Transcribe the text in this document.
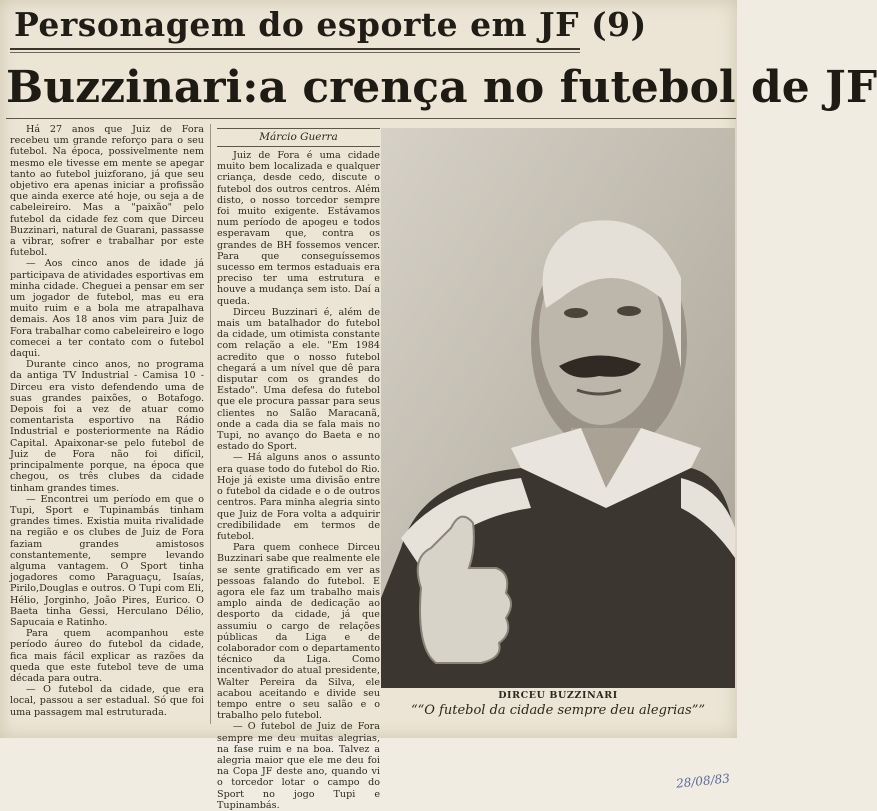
Personagem do esporte em JF (9)
Buzzinari:a crença no futebol de JF

Há 27 anos que Juiz de Fora recebeu um grande reforço para o seu futebol. Na época, possivelmente nem mesmo ele tivesse em mente se apegar tanto ao futebol juizforano, já que seu objetivo era apenas iniciar a profissão que ainda exerce até hoje, ou seja a de cabeleireiro. Mas a "paixão" pelo futebol da cidade fez com que Dirceu Buzzinari, natural de Guarani, passasse a vibrar, sofrer e trabalhar por este futebol.

— Aos cinco anos de idade já participava de atividades esportivas em minha cidade. Cheguei a pensar em ser um jogador de futebol, mas eu era muito ruim e a bola me atrapalhava demais. Aos 18 anos vim para Juiz de Fora trabalhar como cabeleireiro e logo comecei a ter contato com o futebol daqui.

Durante cinco anos, no programa da antiga TV Industrial - Camisa 10 - Dirceu era visto defendendo uma de suas grandes paixões, o Botafogo. Depois foi a vez de atuar como comentarista esportivo na Rádio Industrial e posteriormente na Rádio Capital. Apaixonar-se pelo futebol de Juiz de Fora não foi difícil, principalmente porque, na época que chegou, os três clubes da cidade tinham grandes times.

— Encontrei um período em que o Tupi, Sport e Tupinambás tinham grandes times. Existia muita rivalidade na região e os clubes de Juiz de Fora faziam grandes amistosos constantemente, sempre levando alguma vantagem. O Sport tinha jogadores como Paraguaçu, Isaías, Pirilo,Douglas e outros. O Tupi com Eli, Hélio, Jorginho, João Pires, Eurico. O Baeta tinha Gessi, Herculano Délio, Sapucaia e Ratinho.

Para quem acompanhou este período áureo do futebol da cidade, fica mais fácil explicar as razões da queda que este futebol teve de uma década para outra.

— O futebol da cidade, que era local, passou a ser estadual. Só que foi uma passagem mal estruturada.

Márcio Guerra

Juiz de Fora é uma cidade muito bem localizada e qualquer criança, desde cedo, discute o futebol dos outros centros. Além disto, o nosso torcedor sempre foi muito exigente. Estávamos num período de apogeu e todos esperavam que, contra os grandes de BH fossemos vencer. Para que conseguíssemos sucesso em termos estaduais era preciso ter uma estrutura e houve a mudança sem isto. Daí a queda.

Dirceu Buzzinari é, além de mais um batalhador do futebol da cidade, um otimista constante com relação a ele. "Em 1984 acredito que o nosso futebol chegará a um nível que dê para disputar com os grandes do Estado". Uma defesa do futebol que ele procura passar para seus clientes no Salão Maracanã, onde a cada dia se fala mais no Tupi, no avanço do Baeta e no estado do Sport.

— Há alguns anos o assunto era quase todo do futebol do Rio. Hoje já existe uma divisão entre o futebol da cidade e o de outros centros. Para minha alegria sinto que Juiz de Fora volta a adquirir credibilidade em termos de futebol.

Para quem conhece Dirceu Buzzinari sabe que realmente ele se sente gratificado em ver as pessoas falando do futebol. E agora ele faz um trabalho mais amplo ainda de dedicação ao desporto da cidade, já que assumiu o cargo de relações públicas da Liga e de colaborador com o departamento técnico da Liga. Como incentivador do atual presidente, Walter Pereira da Silva, ele acabou aceitando e divide seu tempo entre o seu salão e o trabalho pelo futebol.

— O futebol de Juiz de Fora sempre me deu muitas alegrias, na fase ruim e na boa. Talvez a alegria maior que ele me deu foi na Copa JF deste ano, quando vi o torcedor lotar o campo do Sport no jogo Tupi e Tupinambás.

DIRCEU BUZZINARI
““O futebol da cidade sempre deu alegrias””
28/08/83
